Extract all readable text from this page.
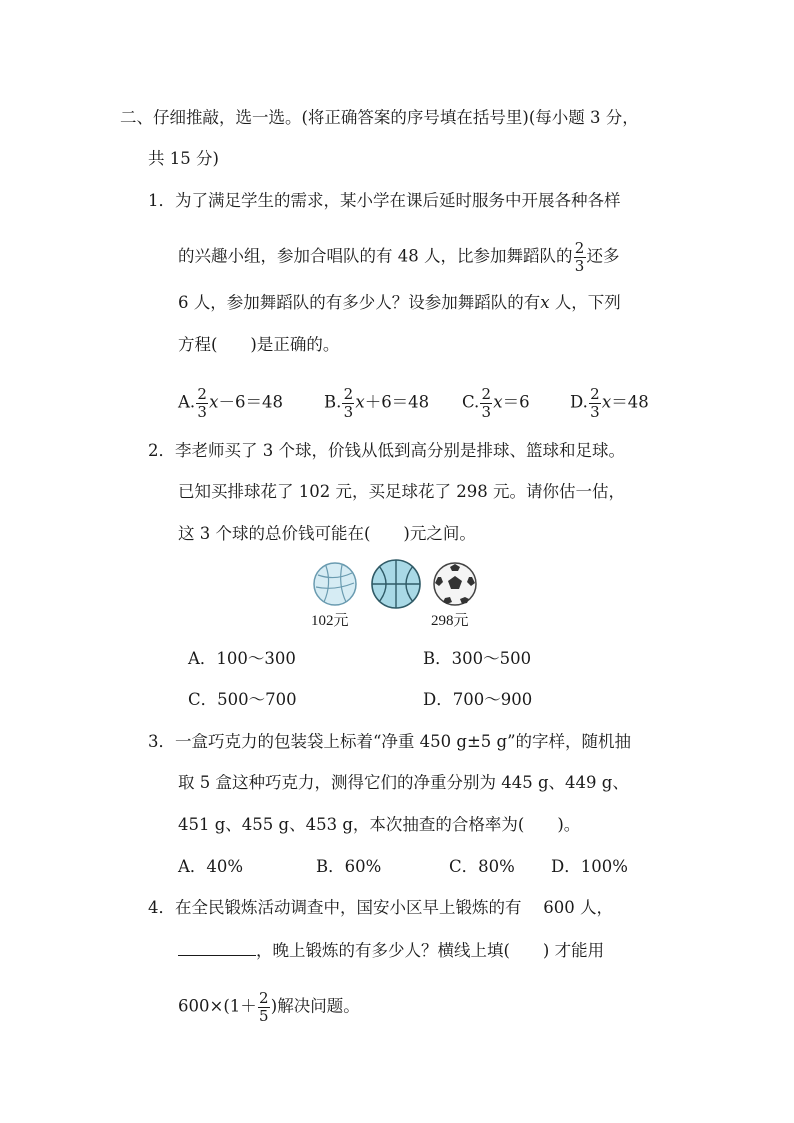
二、仔细推敲，选一选。(将正确答案的序号填在括号里)(每小题 3 分，
共 15 分)
1．为了满足学生的需求，某小学在课后延时服务中开展各种各样
的兴趣小组，参加合唱队的有 48 人，比参加舞蹈队的 $\frac{2}{3}$ 还多
6 人，参加舞蹈队的有多少人？设参加舞蹈队的有x 人，下列
方程(　　)是正确的。
A. $\frac{2}{3} x-6=48$ B. $\frac{2}{3} x+6=48$ C. $\frac{2}{3} x=6$ D. $\frac{2}{3} x=48$
2．李老师买了 3 个球，价钱从低到高分别是排球、篮球和足球。
已知买排球花了 102 元，买足球花了 298 元。请你估一估，
这 3 个球的总价钱可能在(　　)元之间。
102元	298元
A．100～300	B．300～500
C．500～700	D．700～900
3．一盒巧克力的包装袋上标着“净重 450 g±5 g”的字样，随机抽
取 5 盒这种巧克力，测得它们的净重分别为 445 g、449 g、
451 g、455 g、453 g，本次抽查的合格率为(　　)。
A．40%	B．60%	C．80% D．100%
4．在全民锻炼活动调查中，国安小区早上锻炼的有　 600 人，
，晚上锻炼的有多少人？横线上填(　　) 才能用
$600\times(1+ \frac{2}{5}$ )解决问题。
